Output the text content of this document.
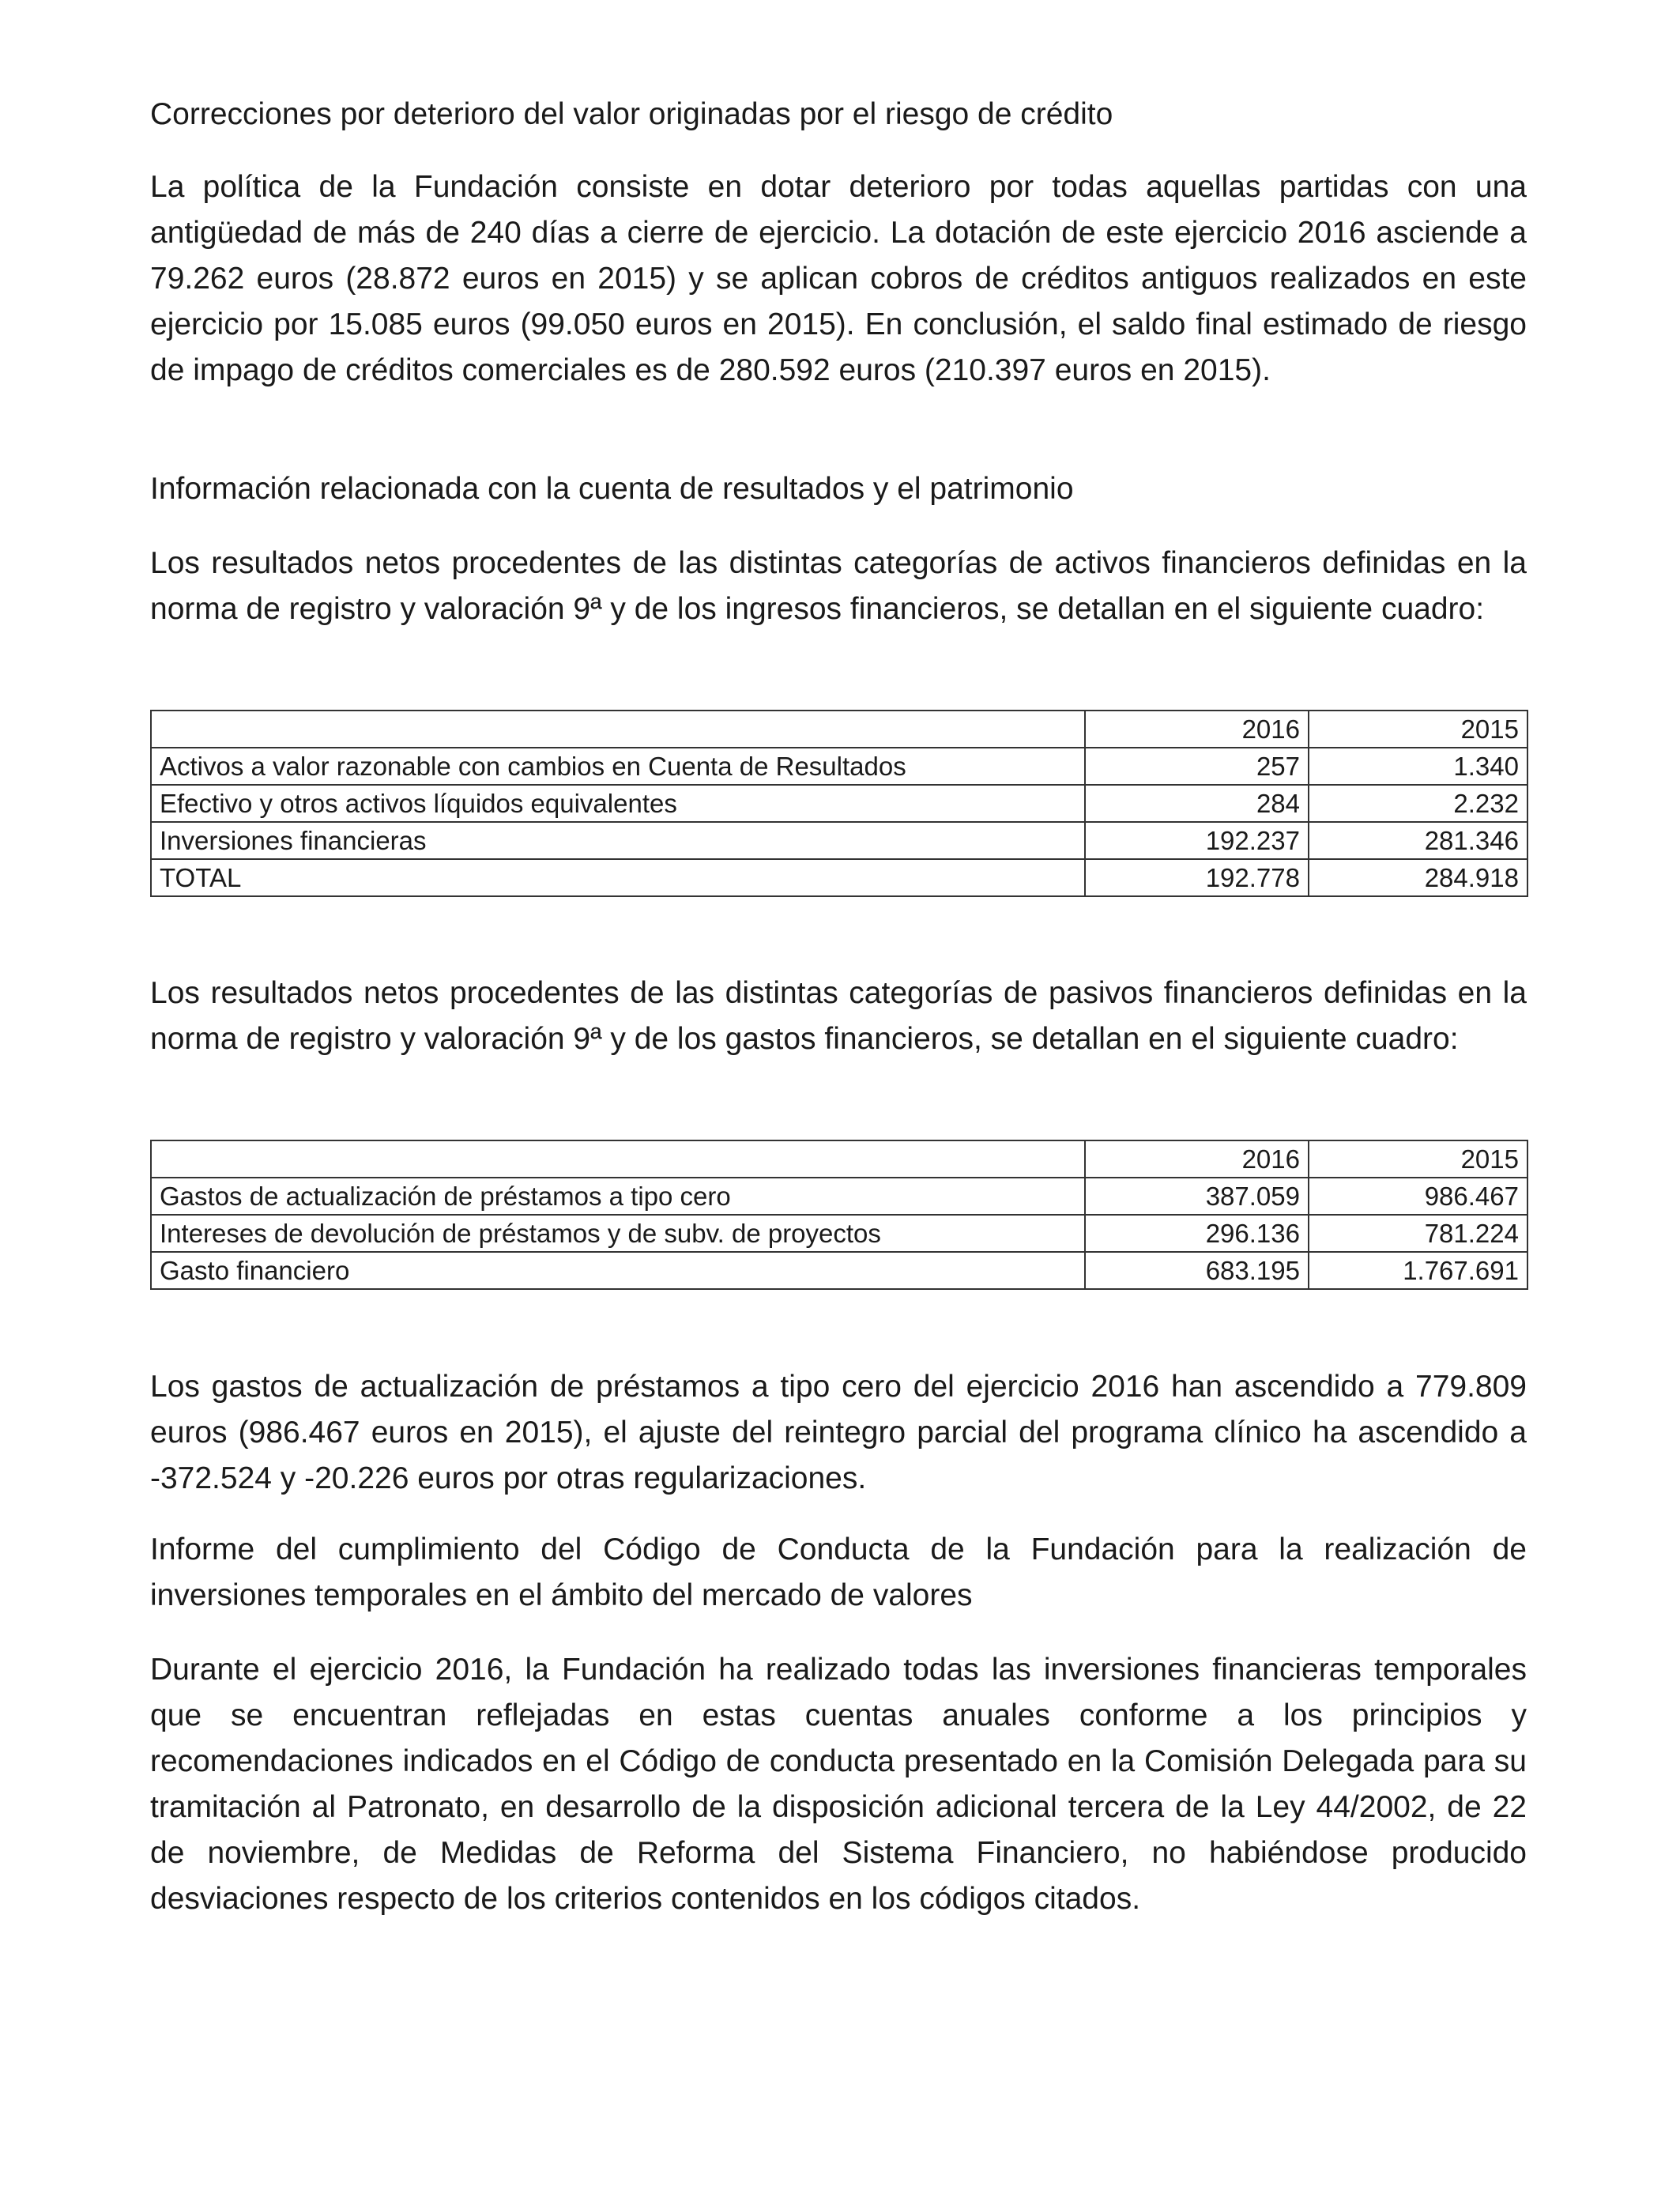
Correcciones por deterioro del valor originadas por el riesgo de crédito
La política de la Fundación consiste en dotar deterioro por todas aquellas partidas con una antigüedad de más de 240 días a cierre de ejercicio. La dotación de este ejercicio 2016 asciende a 79.262 euros (28.872 euros en 2015) y se aplican cobros de créditos antiguos realizados en este ejercicio por 15.085 euros (99.050 euros en 2015). En conclusión, el saldo final estimado de riesgo de impago de créditos comerciales es de 280.592 euros (210.397 euros en 2015).
Información relacionada con la cuenta de resultados y el patrimonio
Los resultados netos procedentes de las distintas categorías de activos financieros definidas en la norma de registro y valoración 9ª y de los ingresos financieros, se detallan en el siguiente cuadro:
	2016	2015
Activos a valor razonable con cambios en Cuenta de Resultados	257	1.340
Efectivo y otros activos líquidos equivalentes	284	2.232
Inversiones financieras	192.237	281.346
TOTAL	192.778	284.918
Los resultados netos procedentes de las distintas categorías de pasivos financieros definidas en la norma de registro y valoración 9ª y de los gastos financieros, se detallan en el siguiente cuadro:
	2016	2015
Gastos de actualización de préstamos a tipo cero	387.059	986.467
Intereses de devolución de préstamos y de subv. de proyectos	296.136	781.224
Gasto financiero	683.195	1.767.691
Los gastos de actualización de préstamos a tipo cero del ejercicio 2016 han ascendido a 779.809 euros (986.467 euros en 2015), el ajuste del reintegro parcial del programa clínico ha ascendido a -372.524 y -20.226 euros por otras regularizaciones.
Informe del cumplimiento del Código de Conducta de la Fundación para la realización de inversiones temporales en el ámbito del mercado de valores
Durante el ejercicio 2016, la Fundación ha realizado todas las inversiones financieras temporales que se encuentran reflejadas en estas cuentas anuales conforme a los principios y recomendaciones indicados en el Código de conducta presentado en la Comisión Delegada para su tramitación al Patronato, en desarrollo de la disposición adicional tercera de la Ley 44/2002, de 22 de noviembre, de Medidas de Reforma del Sistema Financiero, no habiéndose producido desviaciones respecto de los criterios contenidos en los códigos citados.
